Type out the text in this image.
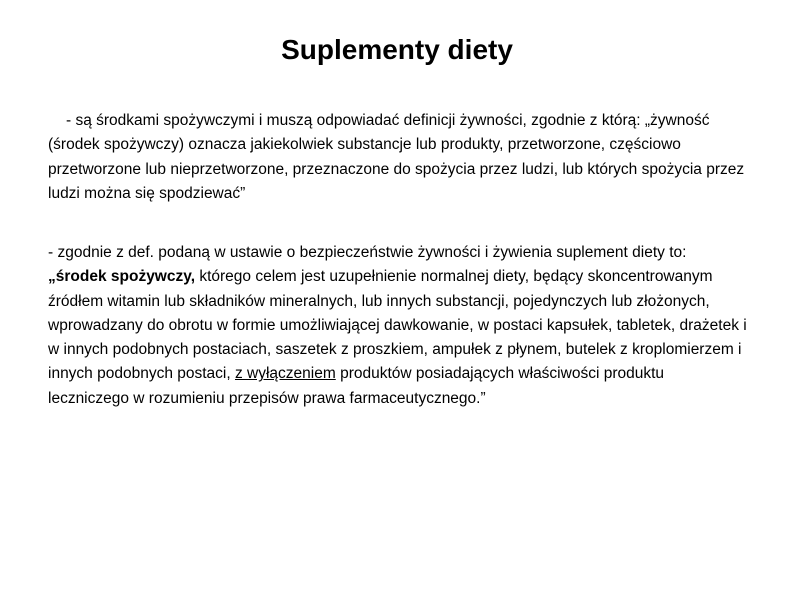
Suplementy diety

- są środkami spożywczymi i muszą odpowiadać definicji żywności, zgodnie z którą: „żywność (środek spożywczy) oznacza jakiekolwiek substancje lub produkty, przetworzone, częściowo przetworzone lub nieprzetworzone, przeznaczone do spożycia przez ludzi, lub których spożycia przez ludzi można się spodziewać”

- zgodnie z def. podaną w ustawie o bezpieczeństwie żywności i żywienia suplement diety to: „środek spożywczy, którego celem jest uzupełnienie normalnej diety, będący skoncentrowanym źródłem witamin lub składników mineralnych, lub innych substancji, pojedynczych lub złożonych, wprowadzany do obrotu w formie umożliwiającej dawkowanie, w postaci kapsułek, tabletek, drażetek i w innych podobnych postaciach, saszetek z proszkiem, ampułek z płynem, butelek z kroplomierzem i innych podobnych postaci, z wyłączeniem produktów posiadających właściwości produktu leczniczego w rozumieniu przepisów prawa farmaceutycznego.”
